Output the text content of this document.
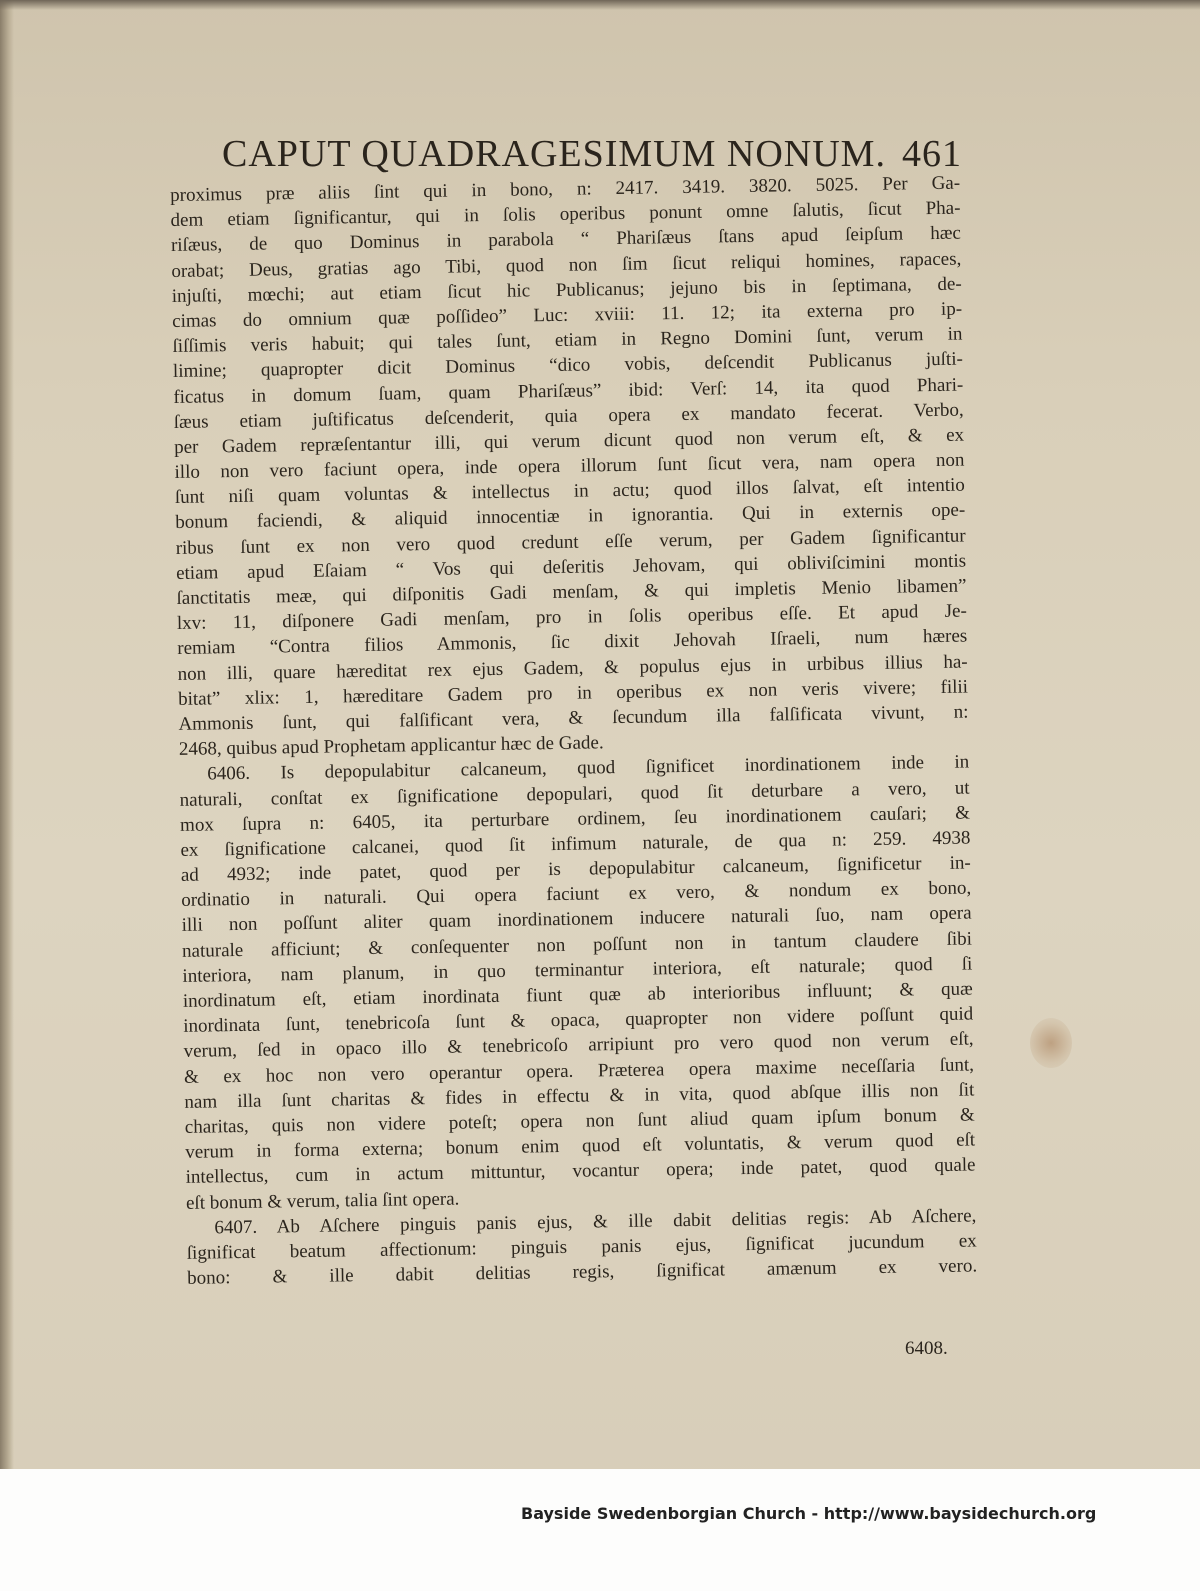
CAPUT QUADRAGESIMUM NONUM. 461
proximus præ aliis ſint qui in bono, n: 2417. 3419. 3820. 5025. Per Ga-
dem etiam ſignificantur, qui in ſolis operibus ponunt omne ſalutis, ſicut Pha-
riſæus, de quo Dominus in parabola “ Phariſæus ſtans apud ſeipſum hæc
orabat; Deus, gratias ago Tibi, quod non ſim ſicut reliqui homines, rapaces,
injuſti, mœchi; aut etiam ſicut hic Publicanus; jejuno bis in ſeptimana, de-
cimas do omnium quæ poſſideo” Luc: xviii: 11. 12; ita externa pro ip-
ſiſſimis veris habuit; qui tales ſunt, etiam in Regno Domini ſunt, verum in
limine; quapropter dicit Dominus “dico vobis, deſcendit Publicanus juſti-
ficatus in domum ſuam, quam Phariſæus” ibid: Verſ: 14, ita quod Phari-
ſæus etiam juſtificatus deſcenderit, quia opera ex mandato fecerat. Verbo,
per Gadem repræſentantur illi, qui verum dicunt quod non verum eſt, & ex
illo non vero faciunt opera, inde opera illorum ſunt ſicut vera, nam opera non
ſunt niſi quam voluntas & intellectus in actu; quod illos ſalvat, eſt intentio
bonum faciendi, & aliquid innocentiæ in ignorantia. Qui in externis ope-
ribus ſunt ex non vero quod credunt eſſe verum, per Gadem ſignificantur
etiam apud Eſaiam “ Vos qui deſeritis Jehovam, qui obliviſcimini montis
ſanctitatis meæ, qui diſponitis Gadi menſam, & qui impletis Menio libamen”
lxv: 11, diſponere Gadi menſam, pro in ſolis operibus eſſe. Et apud Je-
remiam “Contra filios Ammonis, ſic dixit Jehovah Iſraeli, num hæres
non illi, quare hæreditat rex ejus Gadem, & populus ejus in urbibus illius ha-
bitat” xlix: 1, hæreditare Gadem pro in operibus ex non veris vivere; filii
Ammonis ſunt, qui falſificant vera, & ſecundum illa falſificata vivunt, n:
2468, quibus apud Prophetam applicantur hæc de Gade.
6406. Is depopulabitur calcaneum, quod ſignificet inordinationem inde in
naturali, conſtat ex ſignificatione depopulari, quod ſit deturbare a vero, ut
mox ſupra n: 6405, ita perturbare ordinem, ſeu inordinationem cauſari; &
ex ſignificatione calcanei, quod ſit infimum naturale, de qua n: 259. 4938
ad 4932; inde patet, quod per is depopulabitur calcaneum, ſignificetur in-
ordinatio in naturali. Qui opera faciunt ex vero, & nondum ex bono,
illi non poſſunt aliter quam inordinationem inducere naturali ſuo, nam opera
naturale afficiunt; & conſequenter non poſſunt non in tantum claudere ſibi
interiora, nam planum, in quo terminantur interiora, eſt naturale; quod ſi
inordinatum eſt, etiam inordinata fiunt quæ ab interioribus influunt; & quæ
inordinata ſunt, tenebricoſa ſunt & opaca, quapropter non videre poſſunt quid
verum, ſed in opaco illo & tenebricoſo arripiunt pro vero quod non verum eſt,
& ex hoc non vero operantur opera. Præterea opera maxime neceſſaria ſunt,
nam illa ſunt charitas & fides in effectu & in vita, quod abſque illis non ſit
charitas, quis non videre poteſt; opera non ſunt aliud quam ipſum bonum &
verum in forma externa; bonum enim quod eſt voluntatis, & verum quod eſt
intellectus, cum in actum mittuntur, vocantur opera; inde patet, quod quale
eſt bonum & verum, talia ſint opera.
6407. Ab Aſchere pinguis panis ejus, & ille dabit delitias regis: Ab Aſchere,
ſignificat beatum affectionum: pinguis panis ejus, ſignificat jucundum ex
bono: & ille dabit delitias regis, ſignificat amænum ex vero.
6408.
Bayside Swedenborgian Church - http://www.baysidechurch.org
